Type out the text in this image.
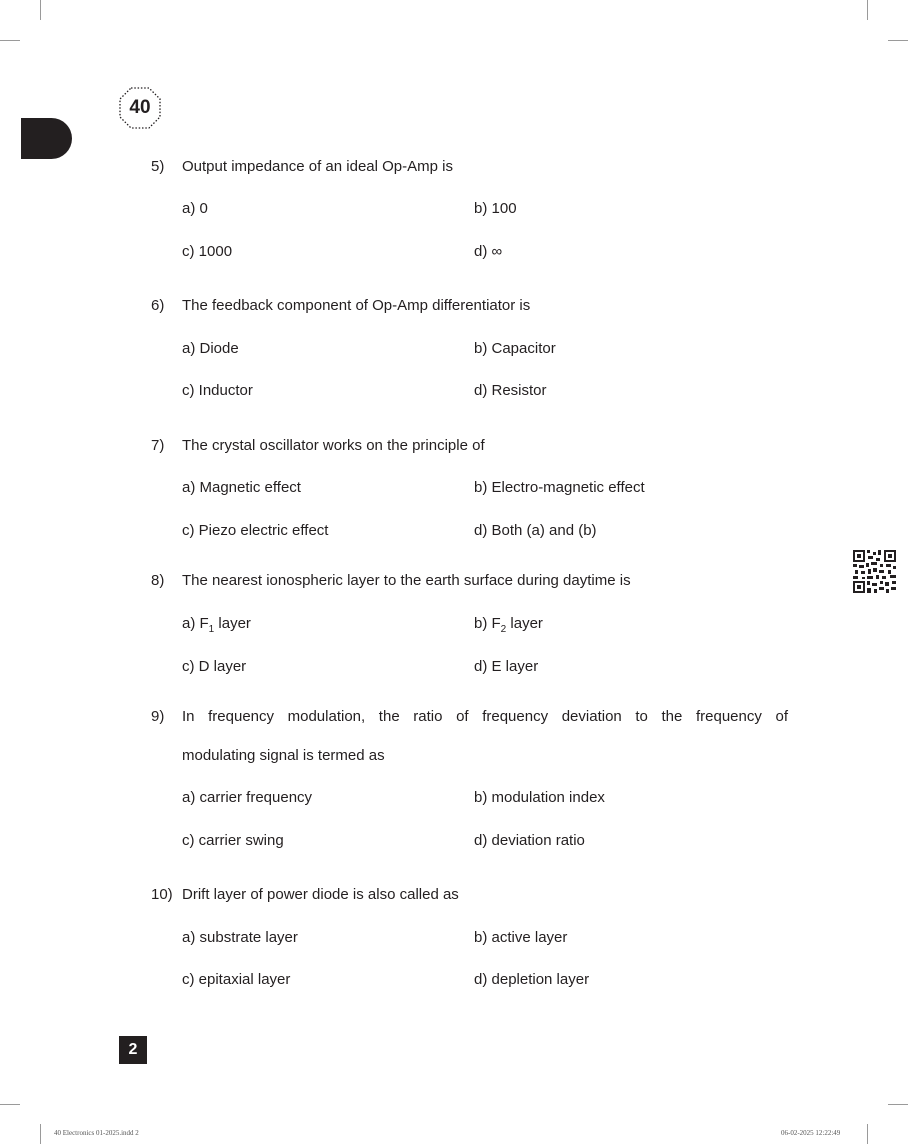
40
5) Output impedance of an ideal Op-Amp is
a) 0	b) 100
c) 1000	d) ∞
6) The feedback component of Op-Amp differentiator is
a) Diode	b) Capacitor
c) Inductor	d) Resistor
7) The crystal oscillator works on the principle of
a) Magnetic effect	b) Electro-magnetic effect
c) Piezo electric effect	d) Both (a) and (b)
8) The nearest ionospheric layer to the earth surface during daytime is
a) $F_1$ layer	b) $F_2$ layer
c) D layer	d) E layer
9) In frequency modulation, the ratio of frequency deviation to the frequency of
modulating signal is termed as
a) carrier frequency	b) modulation index
c) carrier swing	d) deviation ratio
10) Drift layer of power diode is also called as
a) substrate layer	b) active layer
c) epitaxial layer	d) depletion layer
2
40 Electronics 01-2025.indd 2	06-02-2025 12:22:49
